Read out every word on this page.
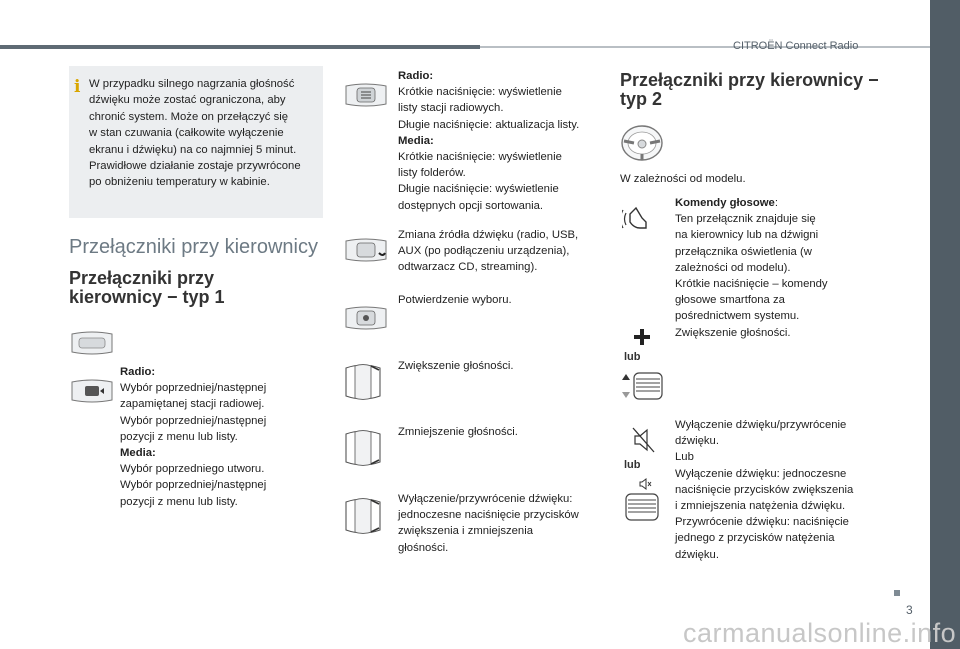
CITROËN Connect Radio
i W przypadku silnego nagrzania głośność
dźwięku może zostać ograniczona, aby
chronić system. Może on przełączyć się
w stan czuwania (całkowite wyłączenie
ekranu i dźwięku) na co najmniej 5 minut.
Prawidłowe działanie zostaje przywrócone
po obniżeniu temperatury w kabinie.
Przełączniki przy kierownicy
Przełączniki przy
kierownicy − typ 1
Radio:
Wybór poprzedniej/następnej
zapamiętanej stacji radiowej.
Wybór poprzedniej/następnej
pozycji z menu lub listy.
Media:
Wybór poprzedniego utworu.
Wybór poprzedniej/następnej
pozycji z menu lub listy.
Radio:
Krótkie naciśnięcie: wyświetlenie
listy stacji radiowych.
Długie naciśnięcie: aktualizacja listy.
Media:
Krótkie naciśnięcie: wyświetlenie
listy folderów.
Długie naciśnięcie: wyświetlenie
dostępnych opcji sortowania.
Zmiana źródła dźwięku (radio, USB,
AUX (po podłączeniu urządzenia),
odtwarzacz CD, streaming).
Potwierdzenie wyboru.
Zwiększenie głośności.
Zmniejszenie głośności.
Wyłączenie/przywrócenie dźwięku:
jednoczesne naciśnięcie przycisków
zwiększenia i zmniejszenia
głośności.
Przełączniki przy kierownicy −
typ 2
W zależności od modelu.
Komendy głosowe:
Ten przełącznik znajduje się
na kierownicy lub na dźwigni
przełącznika oświetlenia (w
zależności od modelu).
Krótkie naciśnięcie – komendy
głosowe smartfona za
pośrednictwem systemu.
lub
Zwiększenie głośności.
lub
Wyłączenie dźwięku/przywrócenie
dźwięku.
Lub
Wyłączenie dźwięku: jednoczesne
naciśnięcie przycisków zwiększenia
i zmniejszenia natężenia dźwięku.
Przywrócenie dźwięku: naciśnięcie
jednego z przycisków natężenia
dźwięku.
3
carmanualsonline.info
